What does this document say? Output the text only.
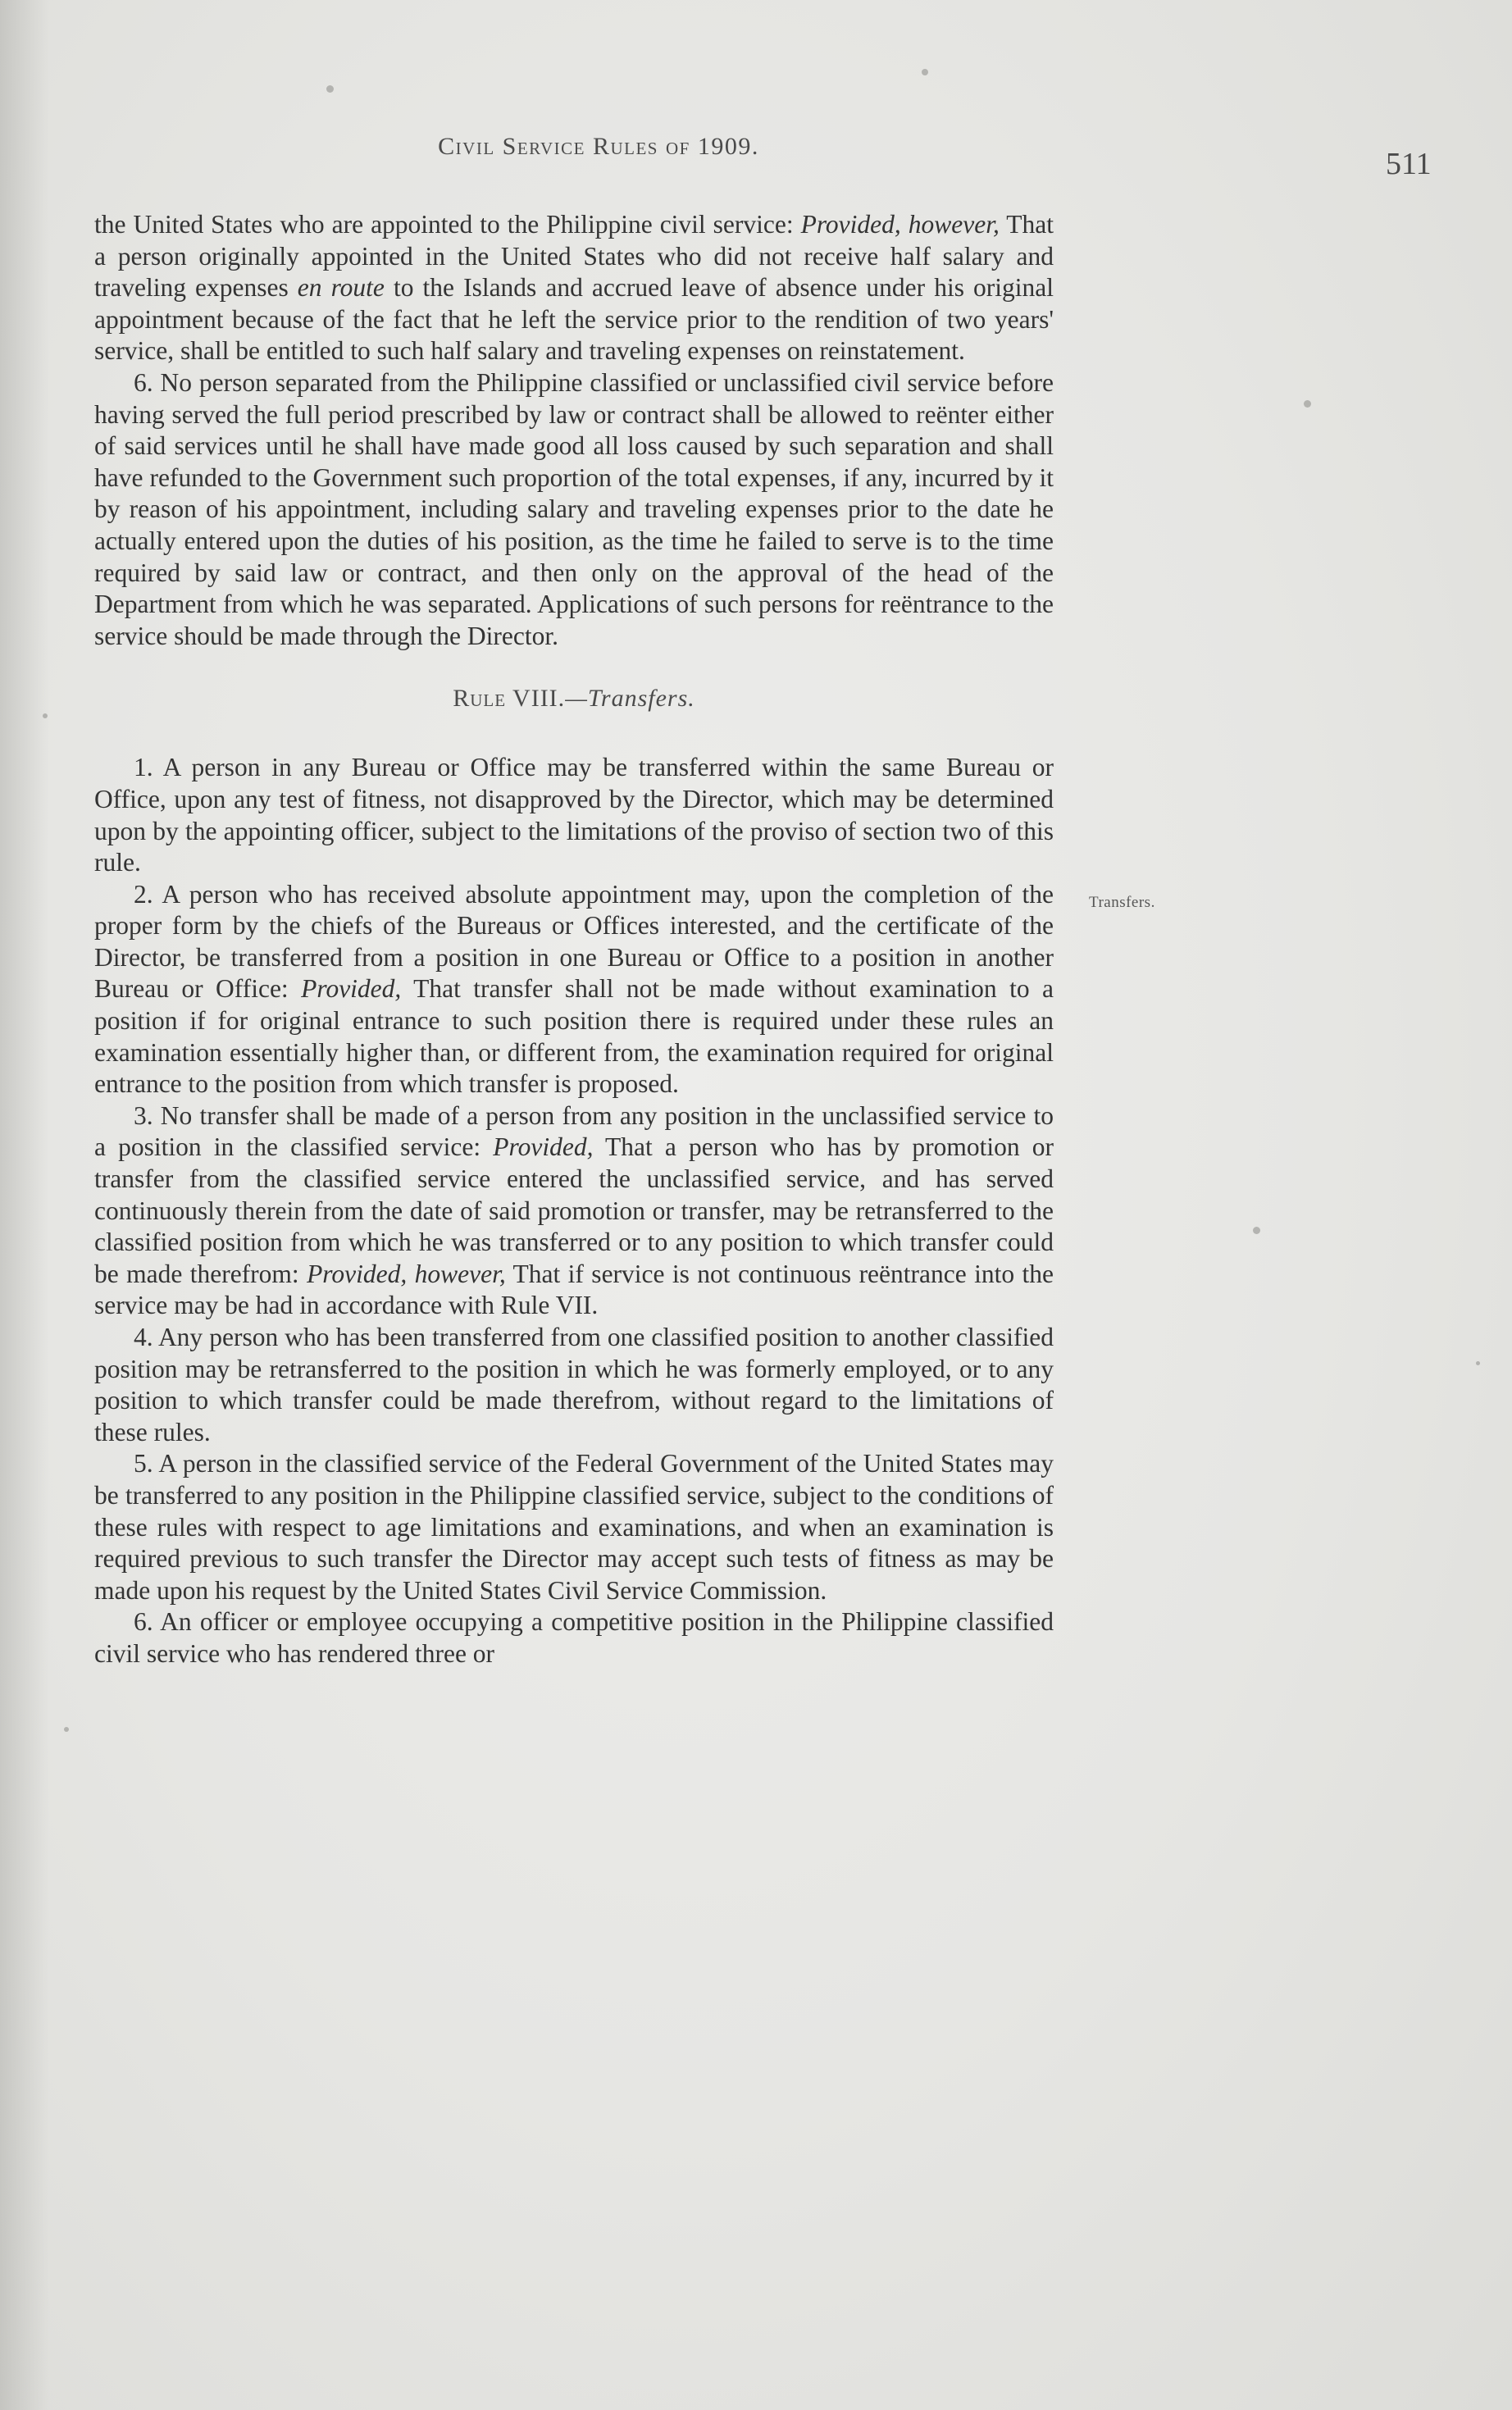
Civil Service Rules of 1909.
511
Transfers.

the United States who are appointed to the Philippine civil service: Provided, however, That a person originally appointed in the United States who did not receive half salary and traveling expenses en route to the Islands and accrued leave of absence under his original appointment because of the fact that he left the service prior to the rendition of two years' service, shall be entitled to such half salary and traveling expenses on reinstatement.

6. No person separated from the Philippine classified or unclassified civil service before having served the full period prescribed by law or contract shall be allowed to reënter either of said services until he shall have made good all loss caused by such separation and shall have refunded to the Government such proportion of the total expenses, if any, incurred by it by reason of his appointment, including salary and traveling expenses prior to the date he actually entered upon the duties of his position, as the time he failed to serve is to the time required by said law or contract, and then only on the approval of the head of the Department from which he was separated. Applications of such persons for reëntrance to the service should be made through the Director.

Rule VIII.—Transfers.

1. A person in any Bureau or Office may be transferred within the same Bureau or Office, upon any test of fitness, not disapproved by the Director, which may be determined upon by the appointing officer, subject to the limitations of the proviso of section two of this rule.

2. A person who has received absolute appointment may, upon the completion of the proper form by the chiefs of the Bureaus or Offices interested, and the certificate of the Director, be transferred from a position in one Bureau or Office to a position in another Bureau or Office: Provided, That transfer shall not be made without examination to a position if for original entrance to such position there is required under these rules an examination essentially higher than, or different from, the examination required for original entrance to the position from which transfer is proposed.

3. No transfer shall be made of a person from any position in the unclassified service to a position in the classified service: Provided, That a person who has by promotion or transfer from the classified service entered the unclassified service, and has served continuously therein from the date of said promotion or transfer, may be retransferred to the classified position from which he was transferred or to any position to which transfer could be made therefrom: Provided, however, That if service is not continuous reëntrance into the service may be had in accordance with Rule VII.

4. Any person who has been transferred from one classified position to another classified position may be retransferred to the position in which he was formerly employed, or to any position to which transfer could be made therefrom, without regard to the limitations of these rules.

5. A person in the classified service of the Federal Government of the United States may be transferred to any position in the Philippine classified service, subject to the conditions of these rules with respect to age limitations and examinations, and when an examination is required previous to such transfer the Director may accept such tests of fitness as may be made upon his request by the United States Civil Service Commission.

6. An officer or employee occupying a competitive position in the Philippine classified civil service who has rendered three or
